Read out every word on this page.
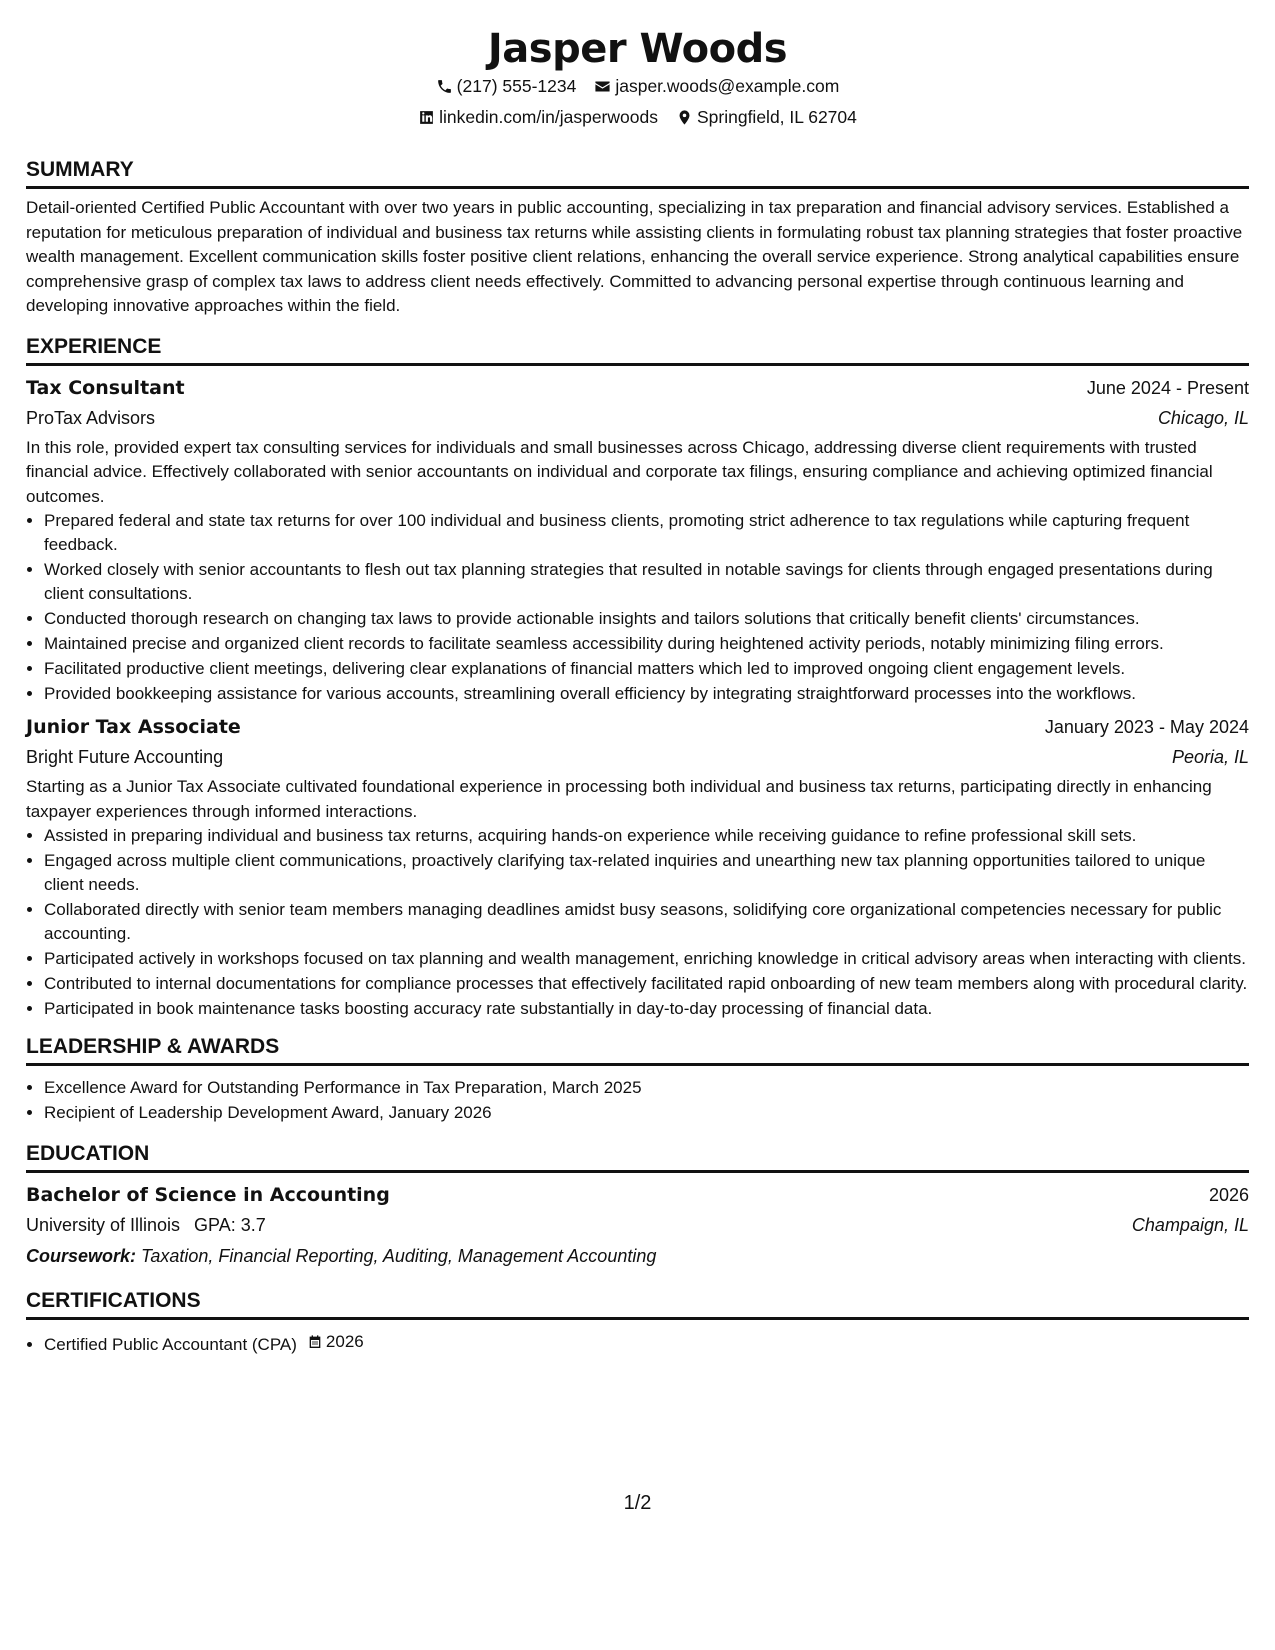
Jasper Woods
(217) 555-1234 jasper.woods@example.com
linkedin.com/in/jasperwoods Springfield, IL 62704
SUMMARY

Detail-oriented Certified Public Accountant with over two years in public accounting, specializing in tax preparation and financial advisory services. Established a reputation for meticulous preparation of individual and business tax returns while assisting clients in formulating robust tax planning strategies that foster proactive wealth management. Excellent communication skills foster positive client relations, enhancing the overall service experience. Strong analytical capabilities ensure comprehensive grasp of complex tax laws to address client needs effectively. Committed to advancing personal expertise through continuous learning and developing innovative approaches within the field.

EXPERIENCE
Tax Consultant	June 2024 - Present
ProTax Advisors	Chicago, IL

In this role, provided expert tax consulting services for individuals and small businesses across Chicago, addressing diverse client requirements with trusted financial advice. Effectively collaborated with senior accountants on individual and corporate tax filings, ensuring compliance and achieving optimized financial outcomes.

• Prepared federal and state tax returns for over 100 individual and business clients, promoting strict adherence to tax regulations while capturing frequent feedback.
• Worked closely with senior accountants to flesh out tax planning strategies that resulted in notable savings for clients through engaged presentations during client consultations.
• Conducted thorough research on changing tax laws to provide actionable insights and tailors solutions that critically benefit clients' circumstances.
• Maintained precise and organized client records to facilitate seamless accessibility during heightened activity periods, notably minimizing filing errors.
• Facilitated productive client meetings, delivering clear explanations of financial matters which led to improved ongoing client engagement levels.
• Provided bookkeeping assistance for various accounts, streamlining overall efficiency by integrating straightforward processes into the workflows.
Junior Tax Associate	January 2023 - May 2024
Bright Future Accounting	Peoria, IL

Starting as a Junior Tax Associate cultivated foundational experience in processing both individual and business tax returns, participating directly in enhancing taxpayer experiences through informed interactions.

• Assisted in preparing individual and business tax returns, acquiring hands-on experience while receiving guidance to refine professional skill sets.
• Engaged across multiple client communications, proactively clarifying tax-related inquiries and unearthing new tax planning opportunities tailored to unique client needs.
• Collaborated directly with senior team members managing deadlines amidst busy seasons, solidifying core organizational competencies necessary for public accounting.
• Participated actively in workshops focused on tax planning and wealth management, enriching knowledge in critical advisory areas when interacting with clients.
• Contributed to internal documentations for compliance processes that effectively facilitated rapid onboarding of new team members along with procedural clarity.
• Participated in book maintenance tasks boosting accuracy rate substantially in day-to-day processing of financial data.
LEADERSHIP & AWARDS
• Excellence Award for Outstanding Performance in Tax Preparation, March 2025
• Recipient of Leadership Development Award, January 2026
EDUCATION
Bachelor of Science in Accounting	2026
University of Illinois GPA: 3.7	Champaign, IL
Coursework: Taxation, Financial Reporting, Auditing, Management Accounting
CERTIFICATIONS
• Certified Public Accountant (CPA) 2026
1/2
